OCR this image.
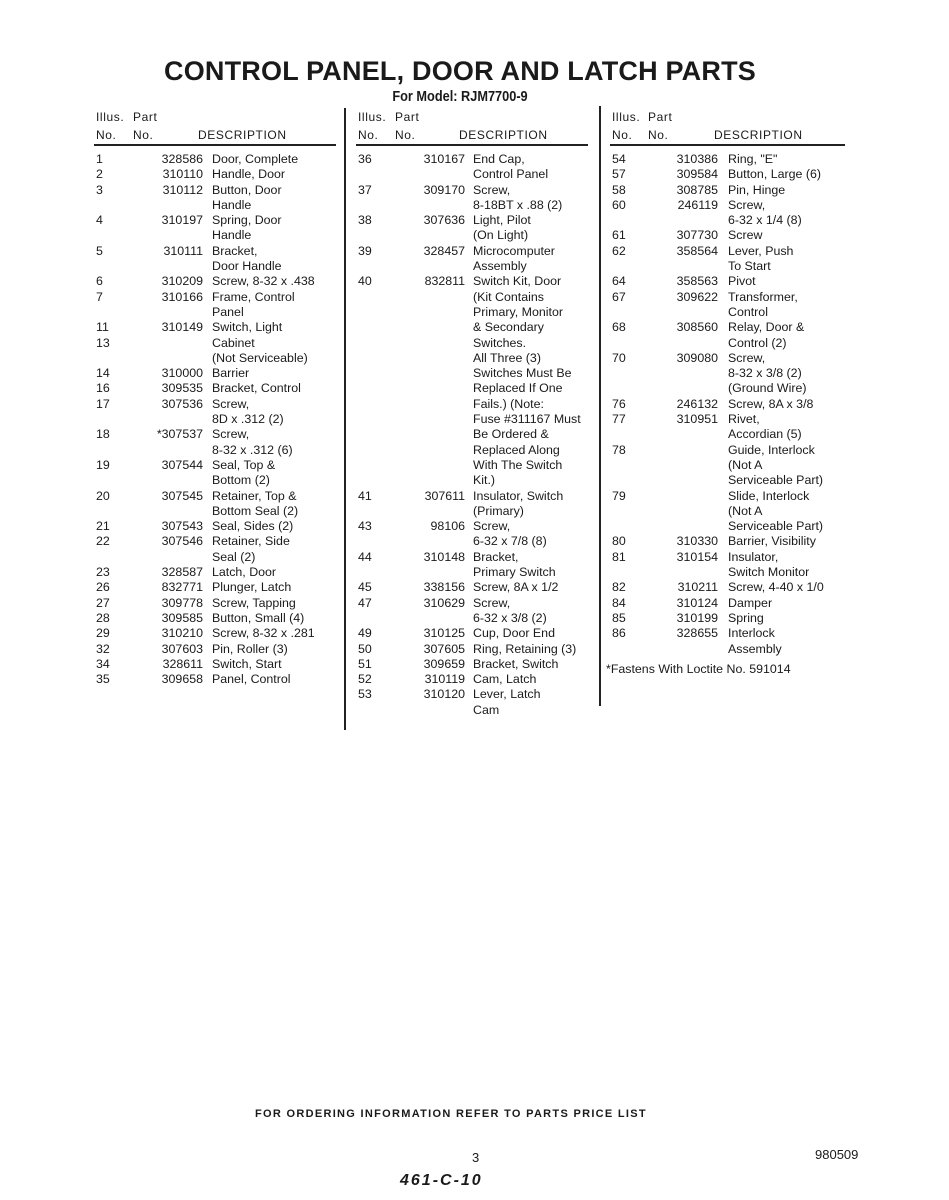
CONTROL PANEL, DOOR AND LATCH PARTS
For Model: RJM7700-9
Illus. Part
No. No.	DESCRIPTION
1	328586 Door, Complete
2	310110 Handle, Door
3	310112 Button, Door
Handle
4	310197 Spring, Door
Handle
5	310111 Bracket,
Door Handle
6	310209 Screw, 8-32 x .438
7	310166 Frame, Control
Panel
11	310149 Switch, Light
13	Cabinet
(Not Serviceable)
14	310000 Barrier
16	309535 Bracket, Control
17	307536 Screw,
8D x .312 (2)
18	*307537 Screw,
8-32 x .312 (6)
19	307544 Seal, Top &
Bottom (2)
20	307545 Retainer, Top &
Bottom Seal (2)
21	307543 Seal, Sides (2)
22	307546 Retainer, Side
Seal (2)
23	328587 Latch, Door
26	832771 Plunger, Latch
27	309778 Screw, Tapping
28	309585 Button, Small (4)
29	310210 Screw, 8-32 x .281
32	307603 Pin, Roller (3)
34	328611 Switch, Start
35	309658 Panel, Control
Illus. Part
No. No.	DESCRIPTION
36	310167 End Cap,
Control Panel
37	309170 Screw,
8-18BT x .88 (2)
38	307636 Light, Pilot
(On Light)
39	328457 Microcomputer
Assembly
40	832811 Switch Kit, Door
(Kit Contains
Primary, Monitor
& Secondary
Switches.
All Three (3)
Switches Must Be
Replaced If One
Fails.) (Note:
Fuse #311167 Must
Be Ordered &
Replaced Along
With The Switch
Kit.)
41	307611 Insulator, Switch
(Primary)
43	98106 Screw,
6-32 x 7/8 (8)
44	310148 Bracket,
Primary Switch
45	338156 Screw, 8A x 1/2
47	310629 Screw,
6-32 x 3/8 (2)
49	310125 Cup, Door End
50	307605 Ring, Retaining (3)
51	309659 Bracket, Switch
52	310119 Cam, Latch
53	310120 Lever, Latch
Cam
Illus. Part
No. No.	DESCRIPTION
54	310386 Ring, "E"
57	309584 Button, Large (6)
58	308785 Pin, Hinge
60	246119 Screw,
6-32 x 1/4 (8)
61	307730 Screw
62	358564 Lever, Push
To Start
64	358563 Pivot
67	309622 Transformer,
Control
68	308560 Relay, Door &
Control (2)
70	309080 Screw,
8-32 x 3/8 (2)
(Ground Wire)
76	246132 Screw, 8A x 3/8
77	310951 Rivet,
Accordian (5)
78	Guide, Interlock
(Not A
Serviceable Part)
79	Slide, Interlock
(Not A
Serviceable Part)
80	310330 Barrier, Visibility
81	310154 Insulator,
Switch Monitor
82	310211 Screw, 4-40 x 1/0
84	310124 Damper
85	310199 Spring
86	328655 Interlock
Assembly
*Fastens With Loctite No. 591014
FOR ORDERING INFORMATION REFER TO PARTS PRICE LIST
3	980509
461-C-10
